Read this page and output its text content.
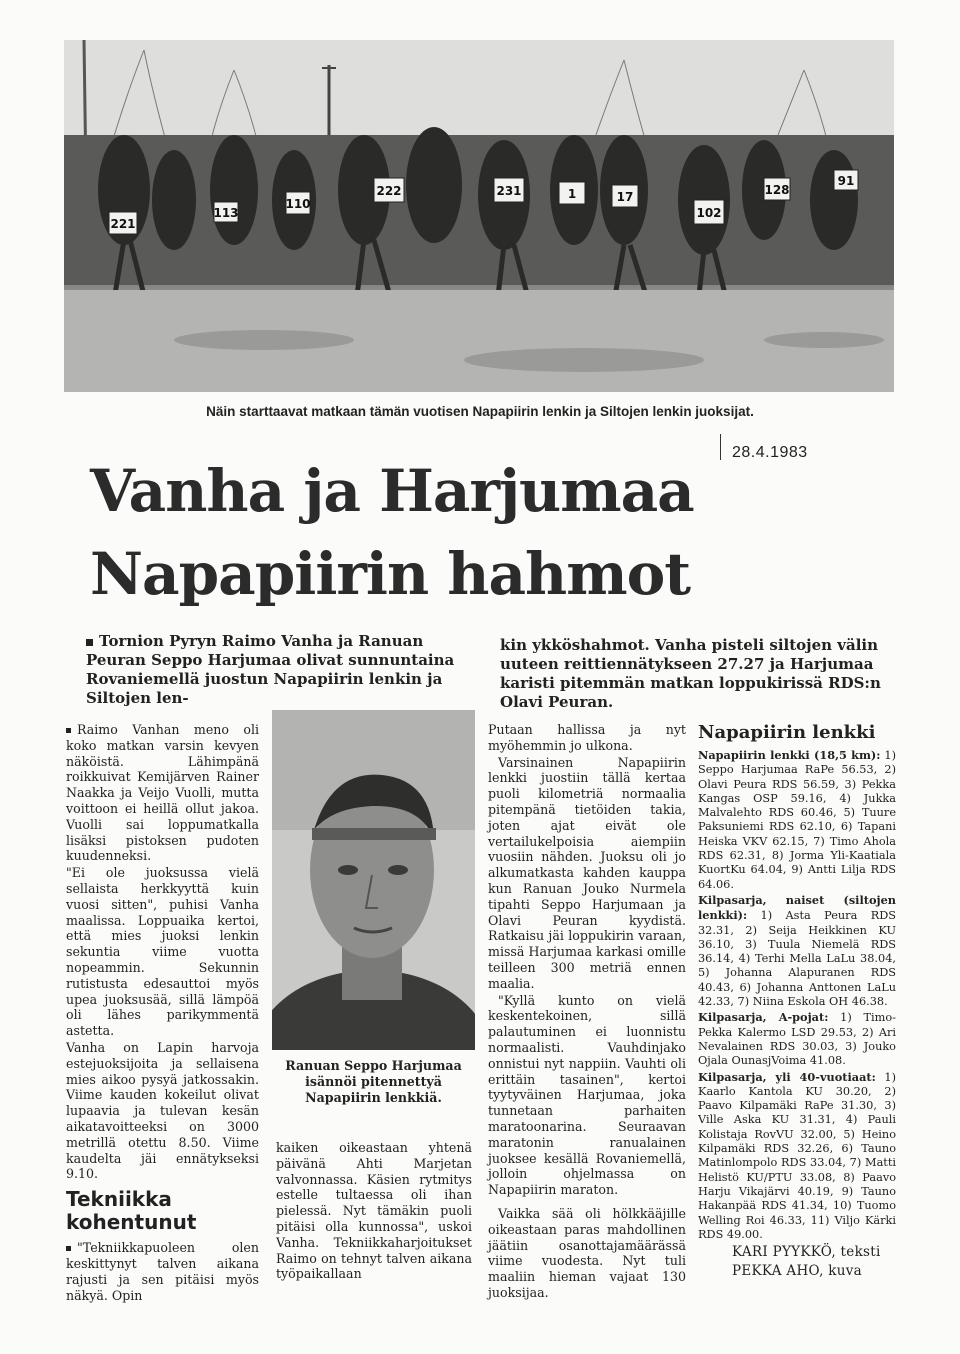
221
222
110
231	1	17
102
128
91
113
Näin starttaavat matkaan tämän vuotisen Napapiirin lenkin ja Siltojen lenkin juoksijat.
28.4.1983
Vanha ja Harjumaa
Napapiirin hahmot
Tornion Pyryn Raimo Vanha ja Ranuan Peuran Seppo Harjumaa olivat sunnuntaina Rovaniemellä juostun Napapiirin lenkin ja Siltojen len-
kin ykköshahmot. Vanha pisteli siltojen välin uuteen reittiennätykseen 27.27 ja Harjumaa karisti pitemmän matkan loppukirissä RDS:n Olavi Peuran.

Raimo Vanhan meno oli koko matkan varsin kevyen näköistä. Lähimpänä roikkuivat Kemijärven Rainer Naakka ja Veijo Vuolli, mutta voittoon ei heillä ollut jakoa. Vuolli sai loppumatkalla lisäksi pistoksen pudoten kuudenneksi.

"Ei ole juoksussa vielä sellaista herkkyyttä kuin vuosi sitten", puhisi Vanha maalissa. Loppuaika kertoi, että mies juoksi lenkin sekuntia viime vuotta nopeammin. Sekunnin rutistusta edesauttoi myös upea juoksusää, sillä lämpöä oli lähes parikymmentä astetta.

Vanha on Lapin harvoja estejuoksijoita ja sellaisena mies aikoo pysyä jatkossakin. Viime kauden kokeilut olivat lupaavia ja tulevan kesän aikatavoitteeksi on 3000 metrillä otettu 8.50. Viime kaudelta jäi ennätykseksi 9.10.

Tekniikka kohentunut

"Tekniikkapuoleen olen keskittynyt talven aikana rajusti ja sen pitäisi myös näkyä. Opin

Ranuan Seppo Harjumaa isännöi pitennettyä Napapiirin lenkkiä.

kaiken oikeastaan yhtenä päivänä Ahti Marjetan valvonnassa. Käsien rytmitys estelle tultaessa oli ihan pielessä. Nyt tämäkin puoli pitäisi olla kunnossa", uskoi Vanha. Tekniikkaharjoitukset Raimo on tehnyt talven aikana työpaikallaan

Putaan hallissa ja nyt myöhemmin jo ulkona.

Varsinainen Napapiirin lenkki juostiin tällä kertaa puoli kilometriä normaalia pitempänä tietöiden takia, joten ajat eivät ole vertailukelpoisia aiempiin vuosiin nähden. Juoksu oli jo alkumatkasta kahden kauppa kun Ranuan Jouko Nurmela tipahti Seppo Harjumaan ja Olavi Peuran kyydistä. Ratkaisu jäi loppukirin varaan, missä Harjumaa karkasi omille teilleen 300 metriä ennen maalia.

"Kyllä kunto on vielä keskentekoinen, sillä palautuminen ei luonnistu normaalisti. Vauhdinjako onnistui nyt nappiin. Vauhti oli erittäin tasainen", kertoi tyytyväinen Harjumaa, joka tunnetaan parhaiten maratoonarina. Seuraavan maratonin ranualainen juoksee kesällä Rovaniemellä, jolloin ohjelmassa on Napapiirin maraton.

Vaikka sää oli hölkkääjille oikeastaan paras mahdollinen jäätiin osanottajamäärässä viime vuodesta. Nyt tuli maaliin hieman vajaat 130 juoksijaa.

Napapiirin lenkki

Napapiirin lenkki (18,5 km): 1) Seppo Harjumaa RaPe 56.53, 2) Olavi Peura RDS 56.59, 3) Pekka Kangas OSP 59.16, 4) Jukka Malvalehto RDS 60.46, 5) Tuure Paksuniemi RDS 62.10, 6) Tapani Heiska VKV 62.15, 7) Timo Ahola RDS 62.31, 8) Jorma Yli-Kaatiala KuortKu 64.04, 9) Antti Lilja RDS 64.06.

Kilpasarja, naiset (siltojen lenkki): 1) Asta Peura RDS 32.31, 2) Seija Heikkinen KU 36.10, 3) Tuula Niemelä RDS 36.14, 4) Terhi Mella LaLu 38.04, 5) Johanna Alapuranen RDS 40.43, 6) Johanna Anttonen LaLu 42.33, 7) Niina Eskola OH 46.38.

Kilpasarja, A-pojat: 1) Timo-Pekka Kalermo LSD 29.53, 2) Ari Nevalainen RDS 30.03, 3) Jouko Ojala OunasjVoima 41.08.

Kilpasarja, yli 40-vuotiaat: 1) Kaarlo Kantola KU 30.20, 2) Paavo Kilpamäki RaPe 31.30, 3) Ville Aska KU 31.31, 4) Pauli Kolistaja RovVU 32.00, 5) Heino Kilpamäki RDS 32.26, 6) Tauno Matinlompolo RDS 33.04, 7) Matti Helistö KU/PTU 33.08, 8) Paavo Harju Vikajärvi 40.19, 9) Tauno Hakanpää RDS 41.34, 10) Tuomo Welling Roi 46.33, 11) Viljo Kärki RDS 49.00.

KARI PYYKKÖ, teksti
PEKKA AHO, kuva
